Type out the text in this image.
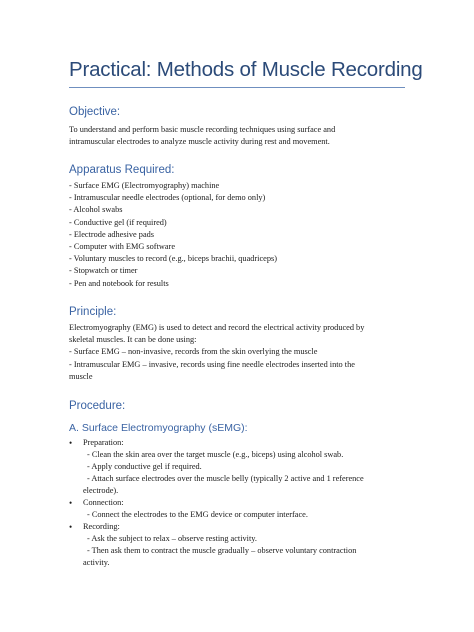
Practical: Methods of Muscle Recording
Objective:
To understand and perform basic muscle recording techniques using surface and
intramuscular electrodes to analyze muscle activity during rest and movement.
Apparatus Required:
- Surface EMG (Electromyography) machine
- Intramuscular needle electrodes (optional, for demo only)
- Alcohol swabs
- Conductive gel (if required)
- Electrode adhesive pads
- Computer with EMG software
- Voluntary muscles to record (e.g., biceps brachii, quadriceps)
- Stopwatch or timer
- Pen and notebook for results
Principle:
Electromyography (EMG) is used to detect and record the electrical activity produced by
skeletal muscles. It can be done using:
- Surface EMG – non-invasive, records from the skin overlying the muscle
- Intramuscular EMG – invasive, records using fine needle electrodes inserted into the
muscle
Procedure:
A. Surface Electromyography (sEMG):
• Preparation:
- Clean the skin area over the target muscle (e.g., biceps) using alcohol swab.
- Apply conductive gel if required.
- Attach surface electrodes over the muscle belly (typically 2 active and 1 reference
electrode).
• Connection:
- Connect the electrodes to the EMG device or computer interface.
• Recording:
- Ask the subject to relax – observe resting activity.
- Then ask them to contract the muscle gradually – observe voluntary contraction
activity.
